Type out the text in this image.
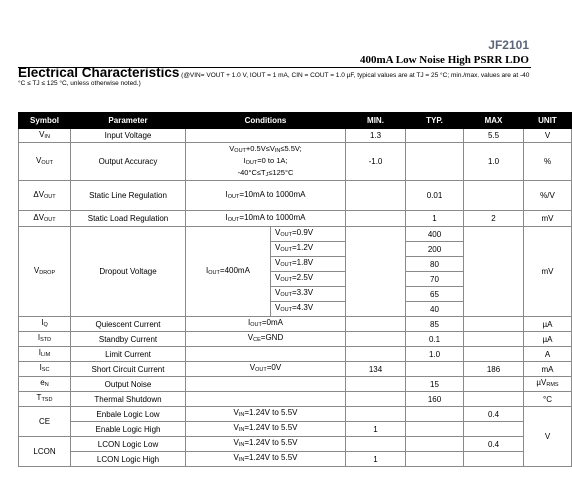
JF2101
400mA Low Noise High PSRR LDO
Electrical Characteristics (@VIN= VOUT + 1.0 V, IOUT = 1 mA, CIN = COUT = 1.0 µF, typical values are at TJ = 25 °C; min./max. values are at -40 °C ≤ TJ ≤ 125 °C, unless otherwise noted.)
Symbol	Parameter	Conditions		MIN.	TYP.	MAX	UNIT
VIN	Input Voltage			1.3		5.5	V
VOUT	Output Accuracy	VOUT+0.5V≤VIN≤5.5V;
IOUT=0 to 1A;
-40°C≤TJ≤125°C		-1.0		1.0	%
ΔVOUT	Static Line Regulation	IOUT=10mA to 1000mA			0.01		%/V
ΔVOUT	Static Load Regulation	IOUT=10mA to 1000mA			1	2	mV
VDROP	Dropout Voltage	IOUT=400mA	VOUT=0.9V		400		mV
			VOUT=1.2V		200		
			VOUT=1.8V		80		
			VOUT=2.5V		70		
			VOUT=3.3V		65		
			VOUT=4.3V		40		
IQ	Quiescent Current	IOUT=0mA			85		µA
ISTD	Standby Current	VCE=GND			0.1		µA
ILIM	Limit Current				1.0		A
ISC	Short Circuit Current	VOUT=0V		134		186	mA
eN	Output Noise				15		µVRMS
TTSD	Thermal Shutdown				160		°C
CE	Enbale Logic Low	VIN=1.24V to 5.5V				0.4	V
	Enable Logic High	VIN=1.24V to 5.5V		1			
LCON	LCON Logic Low	VIN=1.24V to 5.5V				0.4	
	LCON Logic High	VIN=1.24V to 5.5V		1			
